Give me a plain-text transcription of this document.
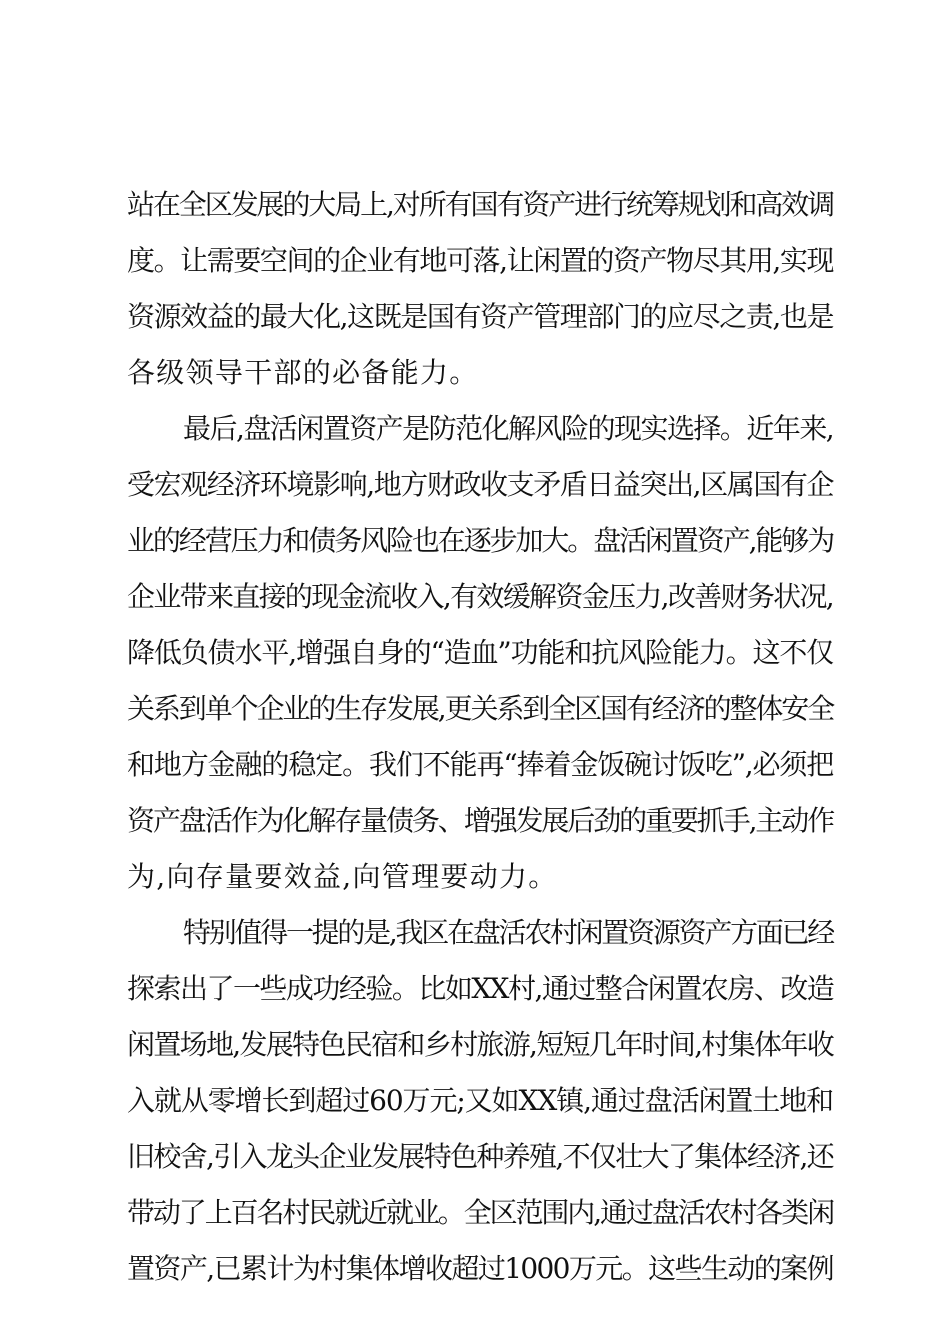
站在全区发展的大局上,对所有国有资产进行统筹规划和高效调
度。让需要空间的企业有地可落,让闲置的资产物尽其用,实现
资源效益的最大化,这既是国有资产管理部门的应尽之责,也是
各级领导干部的必备能力。

最后,盘活闲置资产是防范化解风险的现实选择。近年来,
受宏观经济环境影响,地方财政收支矛盾日益突出,区属国有企
业的经营压力和债务风险也在逐步加大。盘活闲置资产,能够为
企业带来直接的现金流收入,有效缓解资金压力,改善财务状况,
降低负债水平,增强自身的“造血”功能和抗风险能力。这不仅
关系到单个企业的生存发展,更关系到全区国有经济的整体安全
和地方金融的稳定。我们不能再“捧着金饭碗讨饭吃”,必须把
资产盘活作为化解存量债务、增强发展后劲的重要抓手,主动作
为,向存量要效益,向管理要动力。

特别值得一提的是,我区在盘活农村闲置资源资产方面已经
探索出了一些成功经验。比如XX村,通过整合闲置农房、改造
闲置场地,发展特色民宿和乡村旅游,短短几年时间,村集体年收
入就从零增长到超过60万元;又如XX镇,通过盘活闲置土地和
旧校舍,引入龙头企业发展特色种养殖,不仅壮大了集体经济,还
带动了上百名村民就近就业。全区范围内,通过盘活农村各类闲
置资产,已累计为村集体增收超过1000万元。这些生动的案例
